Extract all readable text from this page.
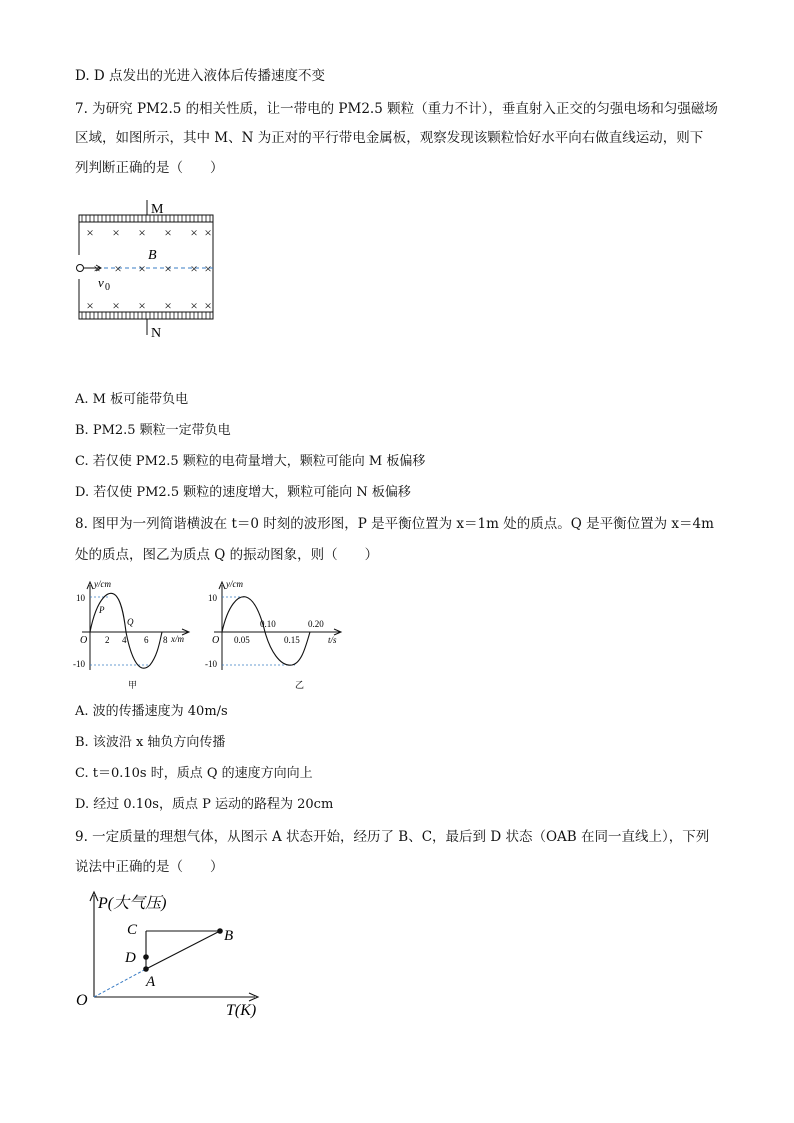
D. D 点发出的光进入液体后传播速度不变
7. 为研究 PM2.5 的相关性质，让一带电的 PM2.5 颗粒（重力不计），垂直射入正交的匀强电场和匀强磁场
区域，如图所示，其中 M、N 为正对的平行带电金属板，观察发现该颗粒恰好水平向右做直线运动，则下
列判断正确的是（　　）
M
N
v 0
B
× × × × × ×
× × × × × ×
× × × × × ×
A. M 板可能带负电
B. PM2.5 颗粒一定带负电
C. 若仅使 PM2.5 颗粒的电荷量增大，颗粒可能向 M 板偏移
D. 若仅使 PM2.5 颗粒的速度增大，颗粒可能向 N 板偏移
8. 图甲为一列简谐横波在 t＝0 时刻的波形图，P 是平衡位置为 x＝1m 处的质点。Q 是平衡位置为 x＝4m
处的质点，图乙为质点 Q 的振动图象，则（　　）
y/cm
x/m
O
10
-10
2 4 6 8
P
Q
甲
y/cm
t/s
O
10
-10
0.05	0.15
0.10	0.20
乙
A. 波的传播速度为 40m/s
B. 该波沿 x 轴负方向传播
C. t＝0.10s 时，质点 Q 的速度方向向上
D. 经过 0.10s，质点 P 运动的路程为 20cm
9. 一定质量的理想气体，从图示 A 状态开始，经历了 B、C，最后到 D 状态（OAB 在同一直线上），下列
说法中正确的是（　　）
P(大气压)
T(K)
O
A
B
C
D
